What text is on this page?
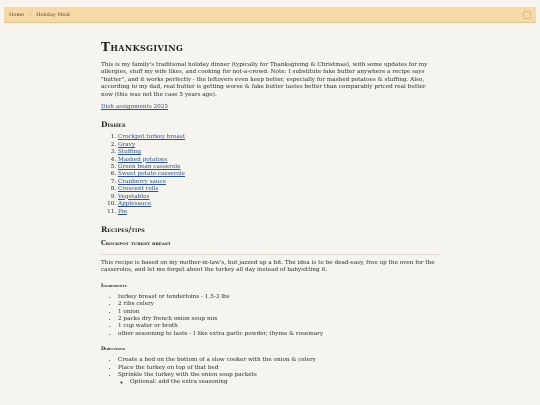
Home › Holiday Meal
Thanksgiving

This is my family's traditional holiday dinner (typically for Thanksgiving & Christmas), with some updates for my allergies, stuff my wife likes, and cooking for not-a-crowd. Note: I substitute fake butter anywhere a recipe says "butter", and it works perfectly - the leftovers even keep better, especially for mashed potatoes & stuffing. Also, according to my dad, real butter is getting worse & fake butter tastes better than comparably priced real butter now (this was not the case 5 years ago).

Dish assignments 2025

Dishes
1. Crockpot turkey breast
2. Gravy
3. Stuffing
4. Mashed potatoes
5. Green bean casserole
6. Sweet potato casserole
7. Cranberry sauce
8. Crescent rolls
9. Vegetables
10. Applesauce
11. Pie
Recipes/tips
Crockpot turkey breast

This recipe is based on my mother-in-law's, but jazzed up a bit. The idea is to be dead-easy, free up the oven for the casseroles, and let me forget about the turkey all day instead of babysitting it.

Ingredients
• turkey breast or tenderloins - 1.5-3 lbs
• 2 ribs celery
• 1 onion
• 2 packs dry french onion soup mix
• 1 cup water or broth
• other seasoning to taste - I like extra garlic powder, thyme & rosemary
Directions
• Create a bed on the bottom of a slow cooker with the onion & celery
• Place the turkey on top of that bed
• Sprinkle the turkey with the onion soup packets
◦ Optional: add the extra seasoning
